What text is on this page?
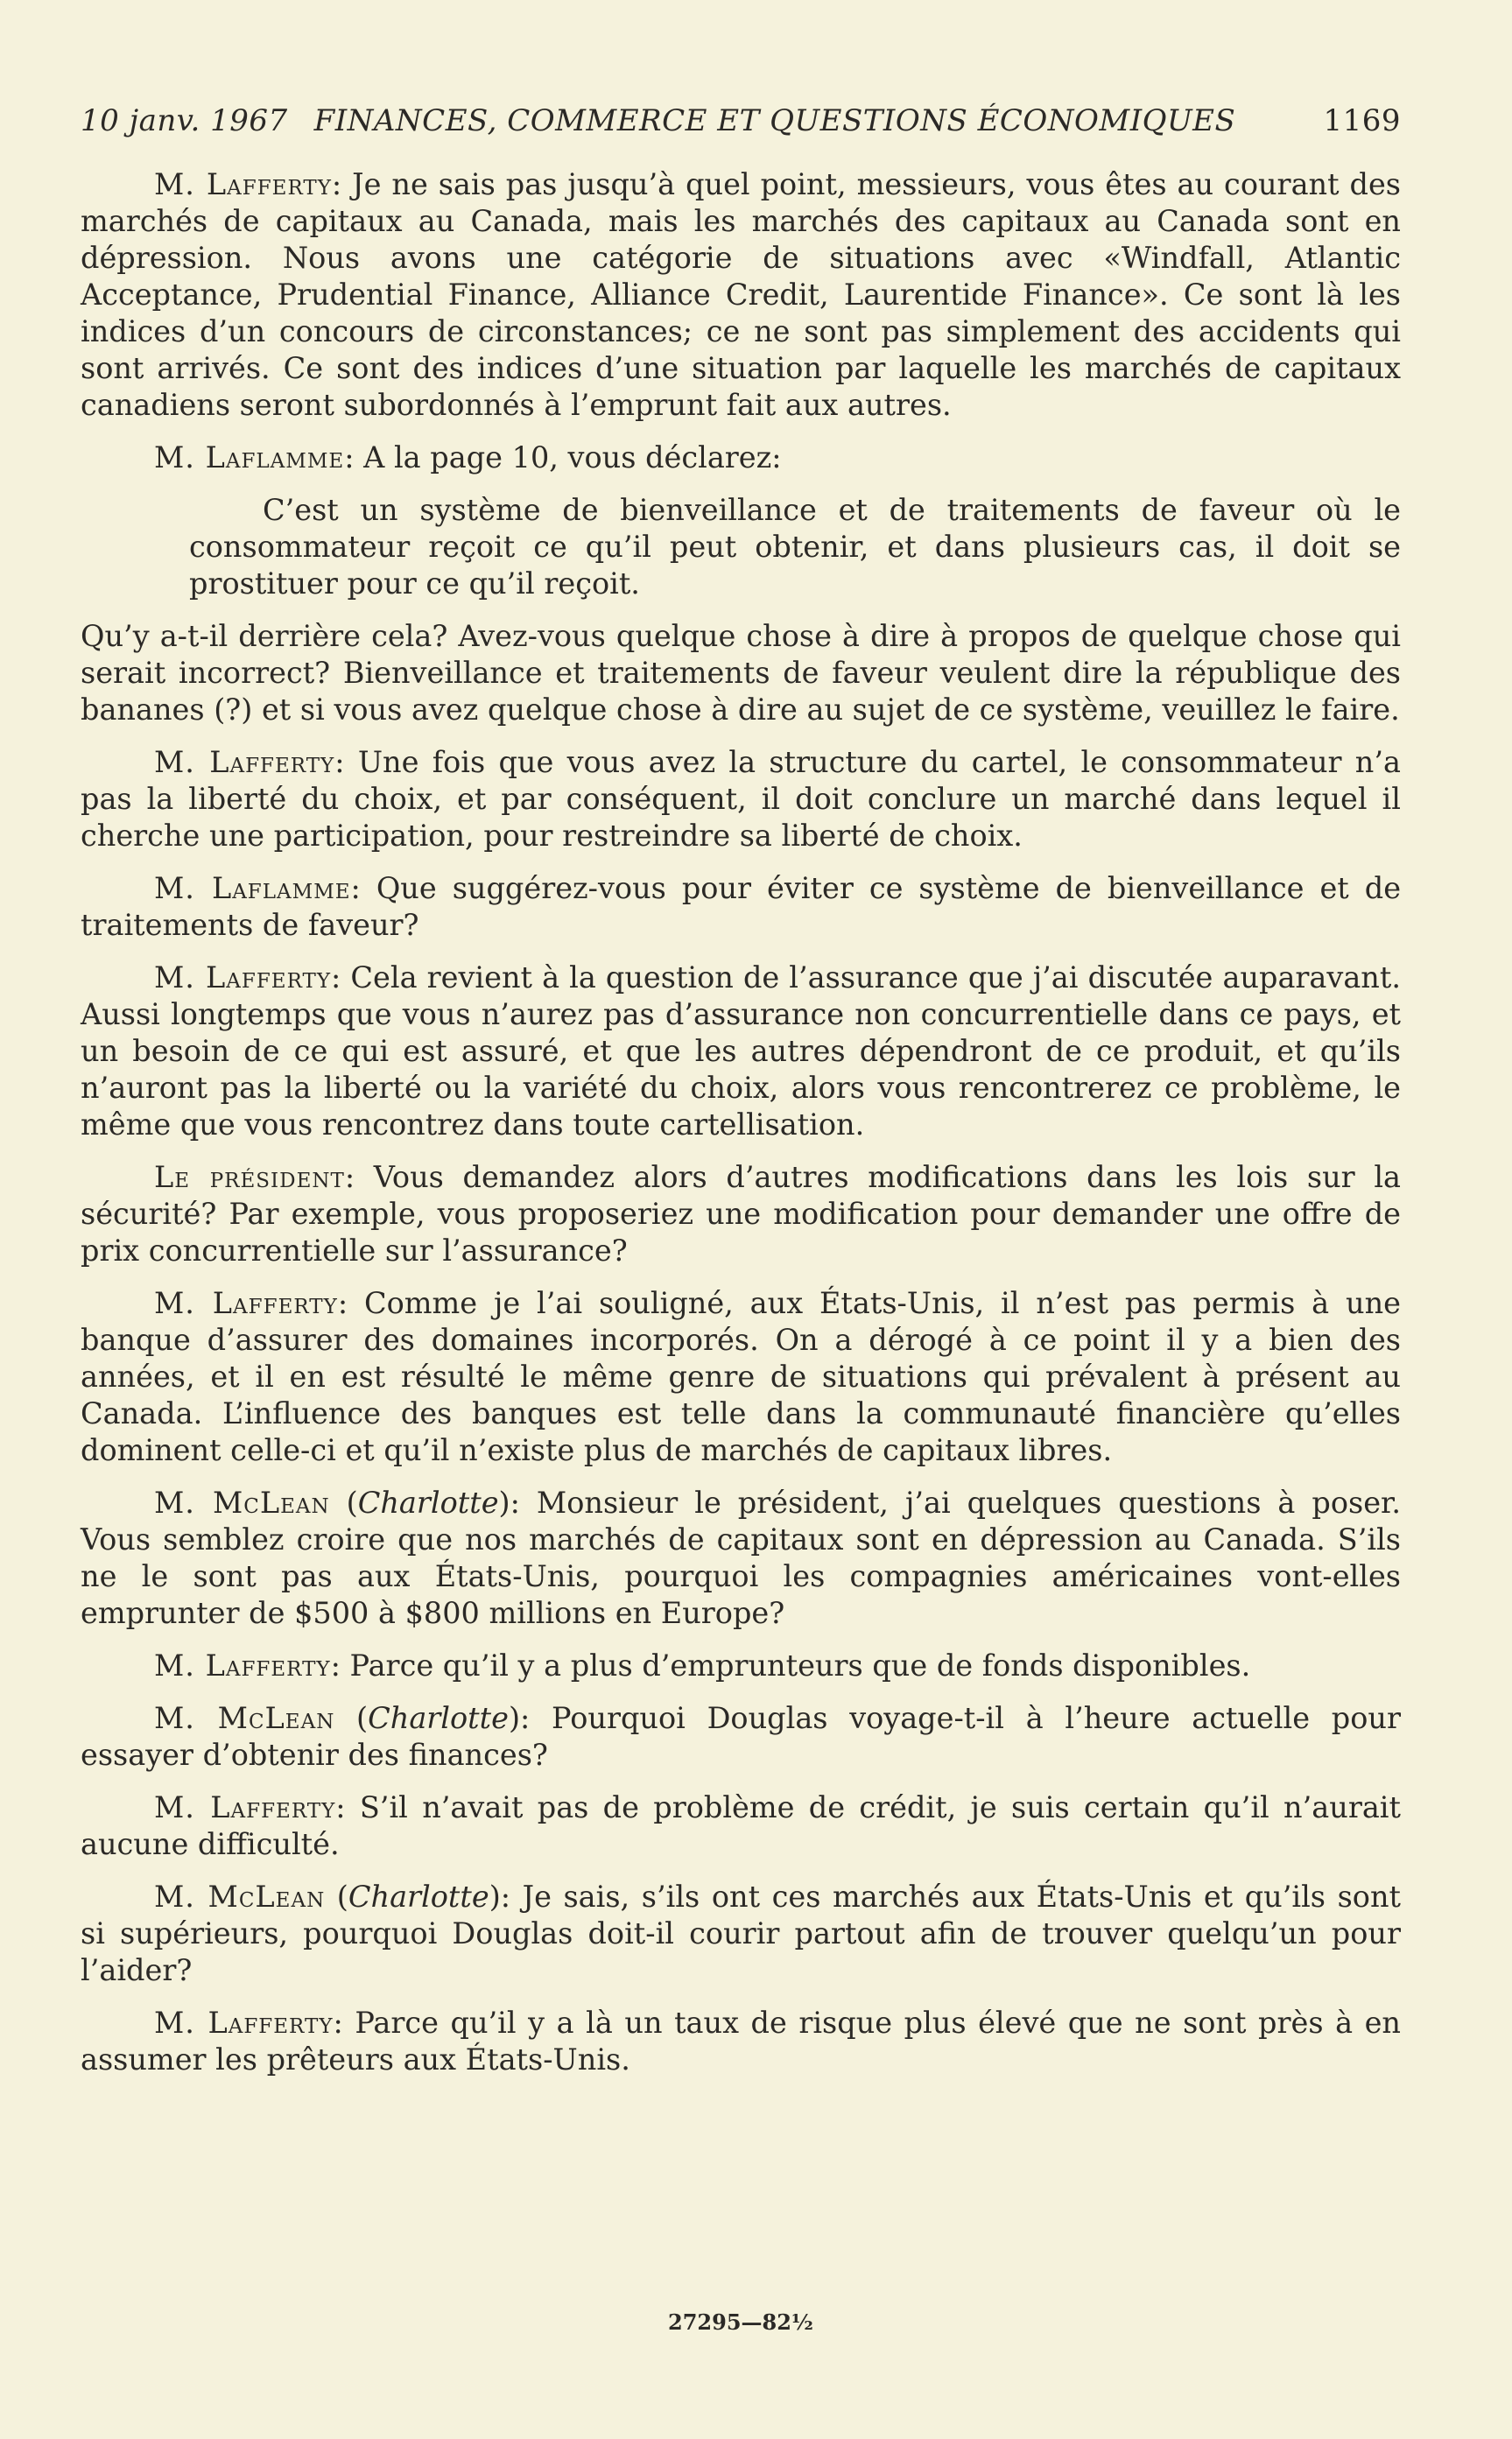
10 janv. 1967 FINANCES, COMMERCE ET QUESTIONS ÉCONOMIQUES	1169

M. Lafferty: Je ne sais pas jusqu’à quel point, messieurs, vous êtes au courant des marchés de capitaux au Canada, mais les marchés des capitaux au Canada sont en dépression. Nous avons une catégorie de situations avec «Windfall, Atlantic Acceptance, Prudential Finance, Alliance Credit, Laurentide Finance». Ce sont là les indices d’un concours de circonstances; ce ne sont pas simplement des accidents qui sont arrivés. Ce sont des indices d’une situation par laquelle les marchés de capitaux canadiens seront subordonnés à l’emprunt fait aux autres.

M. Laflamme: A la page 10, vous déclarez:

C’est un système de bienveillance et de traitements de faveur où le consommateur reçoit ce qu’il peut obtenir, et dans plusieurs cas, il doit se prostituer pour ce qu’il reçoit.

Qu’y a-t-il derrière cela? Avez-vous quelque chose à dire à propos de quelque chose qui serait incorrect? Bienveillance et traitements de faveur veulent dire la république des bananes (?) et si vous avez quelque chose à dire au sujet de ce système, veuillez le faire.

M. Lafferty: Une fois que vous avez la structure du cartel, le consommateur n’a pas la liberté du choix, et par conséquent, il doit conclure un marché dans lequel il cherche une participation, pour restreindre sa liberté de choix.

M. Laflamme: Que suggérez-vous pour éviter ce système de bienveillance et de traitements de faveur?

M. Lafferty: Cela revient à la question de l’assurance que j’ai discutée auparavant. Aussi longtemps que vous n’aurez pas d’assurance non concurrentielle dans ce pays, et un besoin de ce qui est assuré, et que les autres dépendront de ce produit, et qu’ils n’auront pas la liberté ou la variété du choix, alors vous rencontrerez ce problème, le même que vous rencontrez dans toute cartellisation.

Le président: Vous demandez alors d’autres modifications dans les lois sur la sécurité? Par exemple, vous proposeriez une modification pour demander une offre de prix concurrentielle sur l’assurance?

M. Lafferty: Comme je l’ai souligné, aux États-Unis, il n’est pas permis à une banque d’assurer des domaines incorporés. On a dérogé à ce point il y a bien des années, et il en est résulté le même genre de situations qui prévalent à présent au Canada. L’influence des banques est telle dans la communauté financière qu’elles dominent celle-ci et qu’il n’existe plus de marchés de capitaux libres.

M. McLean (Charlotte): Monsieur le président, j’ai quelques questions à poser. Vous semblez croire que nos marchés de capitaux sont en dépression au Canada. S’ils ne le sont pas aux États-Unis, pourquoi les compagnies américaines vont-elles emprunter de $500 à $800 millions en Europe?

M. Lafferty: Parce qu’il y a plus d’emprunteurs que de fonds disponibles.

M. McLean (Charlotte): Pourquoi Douglas voyage-t-il à l’heure actuelle pour essayer d’obtenir des finances?

M. Lafferty: S’il n’avait pas de problème de crédit, je suis certain qu’il n’aurait aucune difficulté.

M. McLean (Charlotte): Je sais, s’ils ont ces marchés aux États-Unis et qu’ils sont si supérieurs, pourquoi Douglas doit-il courir partout afin de trouver quelqu’un pour l’aider?

M. Lafferty: Parce qu’il y a là un taux de risque plus élevé que ne sont près à en assumer les prêteurs aux États-Unis.

27295—82½
